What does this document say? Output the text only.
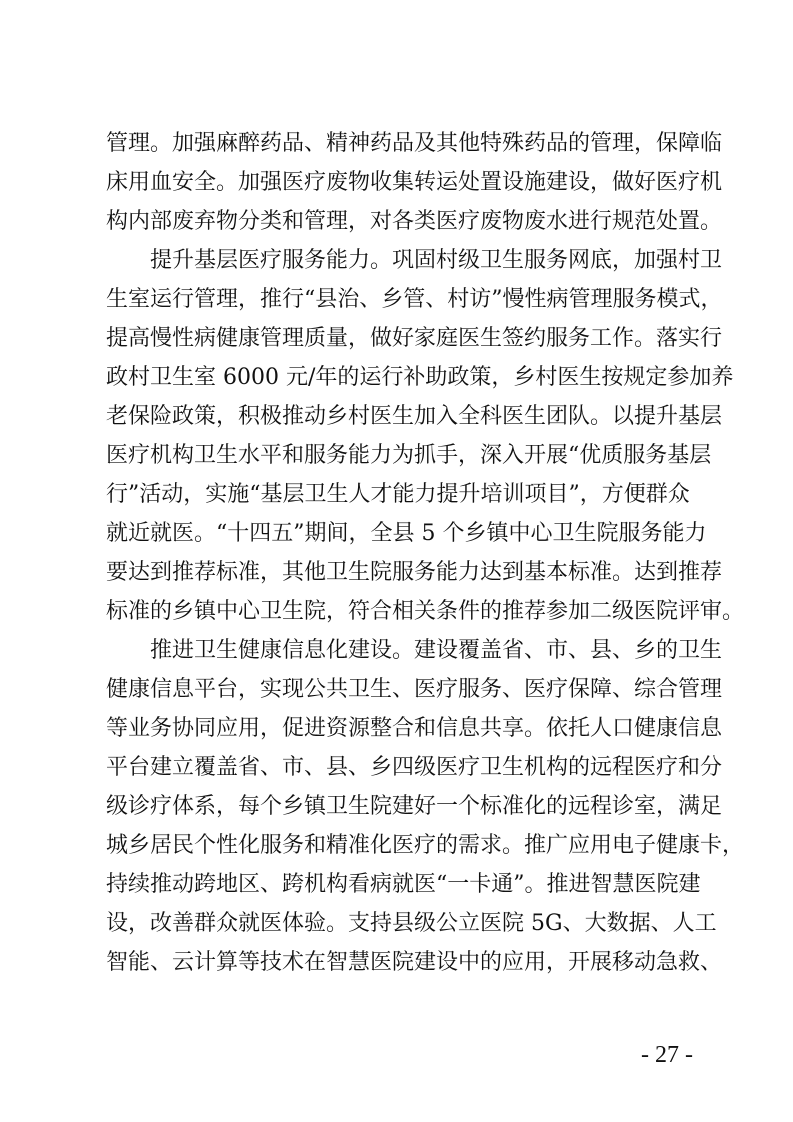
管理。加强麻醉药品、精神药品及其他特殊药品的管理，保障临
床用血安全。加强医疗废物收集转运处置设施建设，做好医疗机
构内部废弃物分类和管理，对各类医疗废物废水进行规范处置。
提升基层医疗服务能力。巩固村级卫生服务网底，加强村卫
生室运行管理，推行“县治、乡管、村访”慢性病管理服务模式，
提高慢性病健康管理质量，做好家庭医生签约服务工作。落实行
政村卫生室 6000 元/年的运行补助政策，乡村医生按规定参加养
老保险政策，积极推动乡村医生加入全科医生团队。以提升基层
医疗机构卫生水平和服务能力为抓手，深入开展“优质服务基层
行”活动，实施“基层卫生人才能力提升培训项目”，方便群众
就近就医。“十四五”期间，全县 5 个乡镇中心卫生院服务能力
要达到推荐标准，其他卫生院服务能力达到基本标准。达到推荐
标准的乡镇中心卫生院，符合相关条件的推荐参加二级医院评审。
推进卫生健康信息化建设。建设覆盖省、市、县、乡的卫生
健康信息平台，实现公共卫生、医疗服务、医疗保障、综合管理
等业务协同应用，促进资源整合和信息共享。依托人口健康信息
平台建立覆盖省、市、县、乡四级医疗卫生机构的远程医疗和分
级诊疗体系，每个乡镇卫生院建好一个标准化的远程诊室，满足
城乡居民个性化服务和精准化医疗的需求。推广应用电子健康卡，
持续推动跨地区、跨机构看病就医“一卡通”。推进智慧医院建
设，改善群众就医体验。支持县级公立医院 5G、大数据、人工
智能、云计算等技术在智慧医院建设中的应用，开展移动急救、
- 27 -
